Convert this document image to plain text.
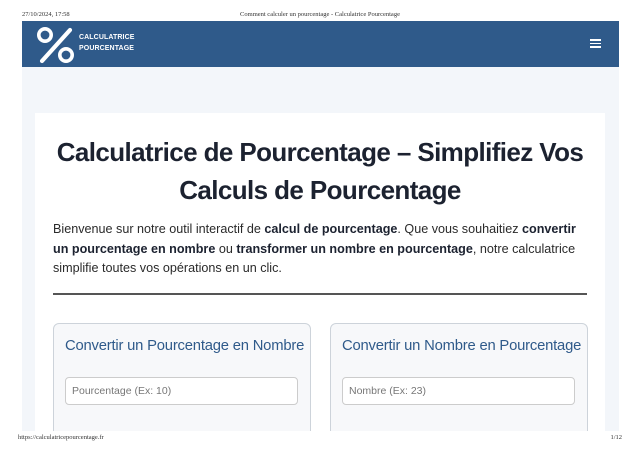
27/10/2024, 17:58	Comment calculer un pourcentage - Calculatrice Pourcentage
CALCULATRICE
POURCENTAGE
Calculatrice de Pourcentage – Simplifiez Vos Calculs de Pourcentage

Bienvenue sur notre outil interactif de calcul de pourcentage. Que vous souhaitiez convertir un pourcentage en nombre ou transformer un nombre en pourcentage, notre calculatrice simplifie toutes vos opérations en un clic.

Convertir un Pourcentage en Nombre
Pourcentage (Ex: 10)	Convertir un Nombre en Pourcentage
Nombre (Ex: 23)
https://calculatricepourcentage.fr	1/12
